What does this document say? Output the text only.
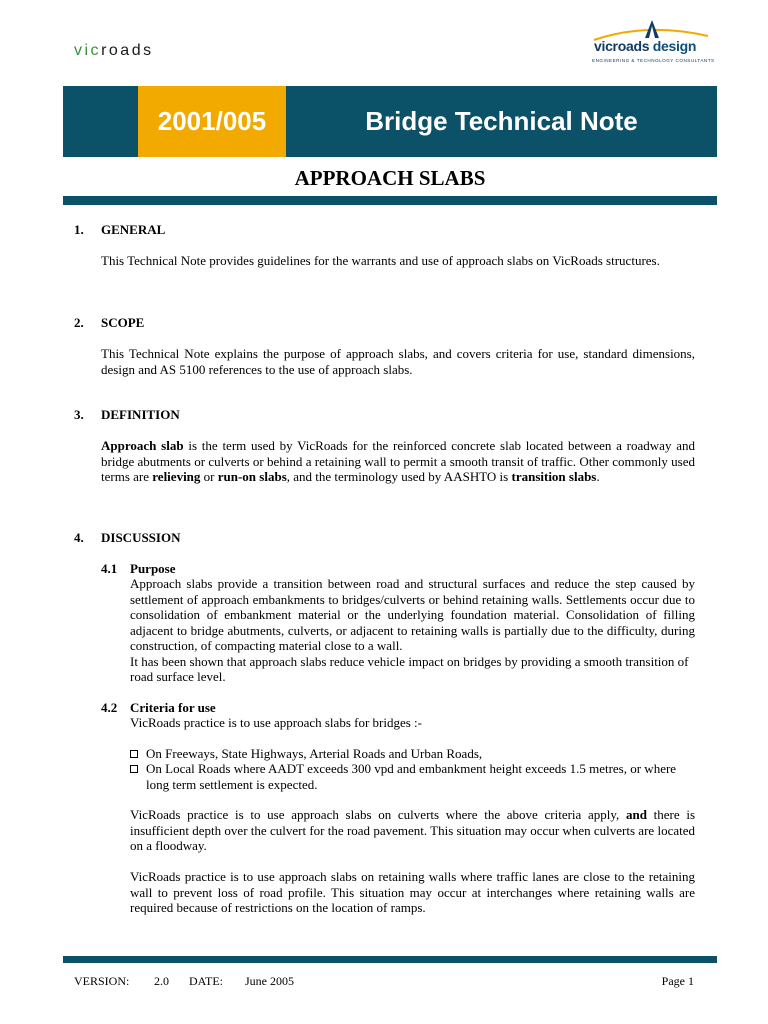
vicroads	vicroads design
ENGINEERING & TECHNOLOGY CONSULTANTS
2001/005	Bridge Technical Note
APPROACH SLABS
1. GENERAL

This Technical Note provides guidelines for the warrants and use of approach slabs on VicRoads structures.

2. SCOPE

This Technical Note explains the purpose of approach slabs, and covers criteria for use, standard dimensions, design and AS 5100 references to the use of approach slabs.

3. DEFINITION

Approach slab is the term used by VicRoads for the reinforced concrete slab located between a roadway and bridge abutments or culverts or behind a retaining wall to permit a smooth transit of traffic. Other commonly used terms are relieving or run-on slabs, and the terminology used by AASHTO is transition slabs.

4. DISCUSSION
4.1 Purpose

Approach slabs provide a transition between road and structural surfaces and reduce the step caused by settlement of approach embankments to bridges/culverts or behind retaining walls. Settlements occur due to consolidation of embankment material or the underlying foundation material. Consolidation of filling adjacent to bridge abutments, culverts, or adjacent to retaining walls is partially due to the difficulty, during construction, of compacting material close to a wall.

It has been shown that approach slabs reduce vehicle impact on bridges by providing a smooth transition of road surface level.

4.2 Criteria for use

VicRoads practice is to use approach slabs for bridges :-

On Freeways, State Highways, Arterial Roads and Urban Roads,
On Local Roads where AADT exceeds 300 vpd and embankment height exceeds 1.5 metres, or where long term settlement is expected.

VicRoads practice is to use approach slabs on culverts where the above criteria apply, and there is insufficient depth over the culvert for the road pavement. This situation may occur when culverts are located on a floodway.

VicRoads practice is to use approach slabs on retaining walls where traffic lanes are close to the retaining wall to prevent loss of road profile. This situation may occur at interchanges where retaining walls are required because of restrictions on the location of ramps.

VERSION: 2.0 DATE: June 2005	Page 1
